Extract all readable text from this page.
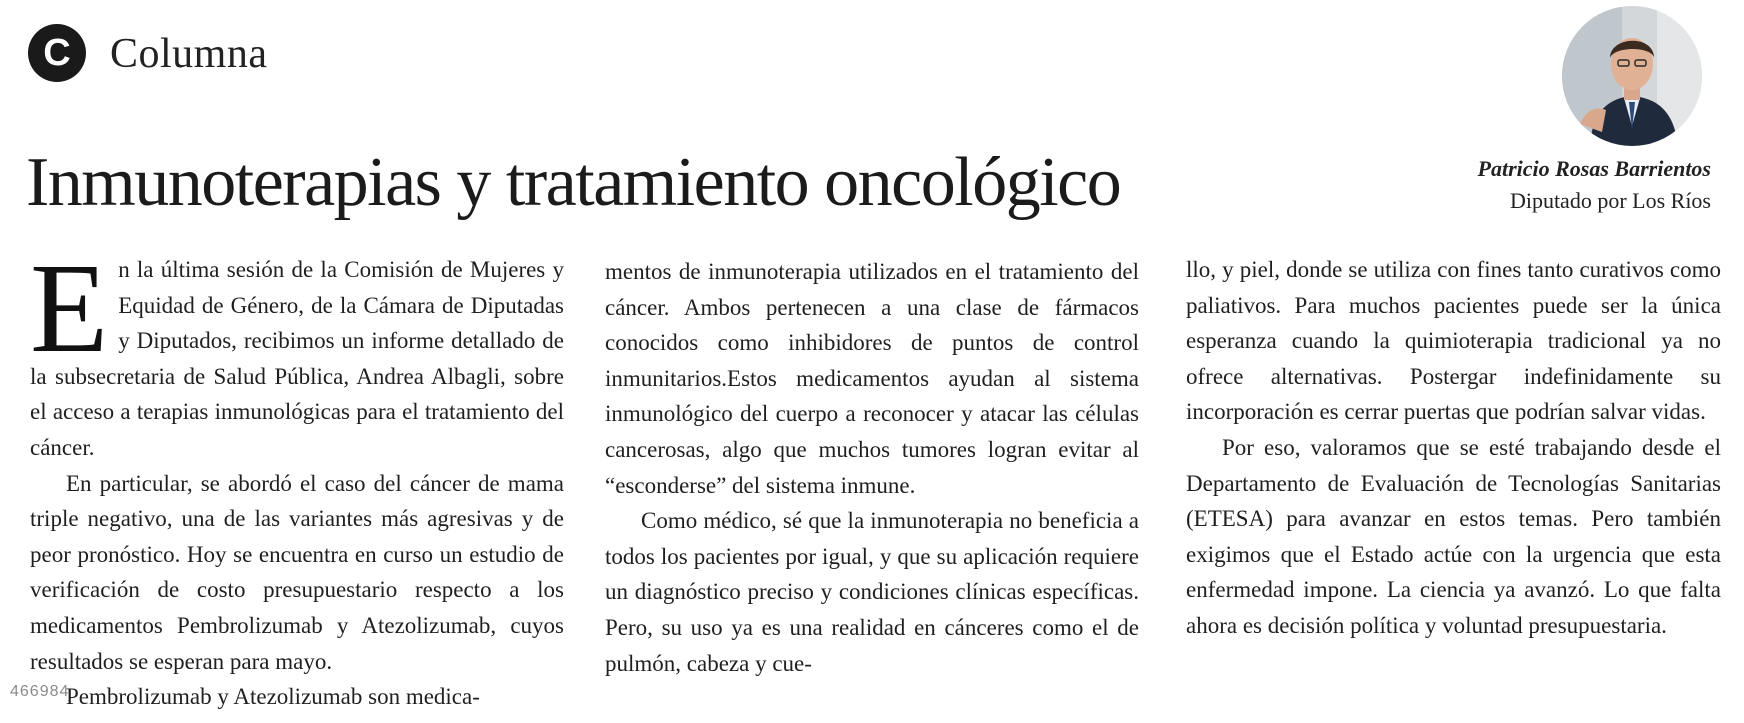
C Columna
Inmunoterapias y tratamiento oncológico	Patricio Rosas Barrientos
Diputado por Los Ríos

En la última sesión de la Comisión de Mujeres y Equidad de Género, de la Cámara de Diputadas y Diputados, recibimos un informe detallado de la subsecretaria de Salud Pública, Andrea Albagli, sobre el acceso a terapias inmunológicas para el tratamiento del cáncer.

En particular, se abordó el caso del cáncer de mama triple negativo, una de las variantes más agresivas y de peor pronóstico. Hoy se encuentra en curso un estudio de verificación de costo presupuestario respecto a los medicamentos Pembrolizumab y Atezolizumab, cuyos resultados se esperan para mayo.

Pembrolizumab y Atezolizumab son medica-

mentos de inmunoterapia utilizados en el tratamiento del cáncer. Ambos pertenecen a una clase de fármacos conocidos como inhibidores de puntos de control inmunitarios.Estos medicamentos ayudan al sistema inmunológico del cuerpo a reconocer y atacar las células cancerosas, algo que muchos tumores logran evitar al “esconderse” del sistema inmune.

Como médico, sé que la inmunoterapia no beneficia a todos los pacientes por igual, y que su aplicación requiere un diagnóstico preciso y condiciones clínicas específicas. Pero, su uso ya es una realidad en cánceres como el de pulmón, cabeza y cue-

llo, y piel, donde se utiliza con fines tanto curativos como paliativos. Para muchos pacientes puede ser la única esperanza cuando la quimioterapia tradicional ya no ofrece alternativas. Postergar indefinidamente su incorporación es cerrar puertas que podrían salvar vidas.

Por eso, valoramos que se esté trabajando desde el Departamento de Evaluación de Tecnologías Sanitarias (ETESA) para avanzar en estos temas. Pero también exigimos que el Estado actúe con la urgencia que esta enfermedad impone. La ciencia ya avanzó. Lo que falta ahora es decisión política y voluntad presupuestaria.

466984
